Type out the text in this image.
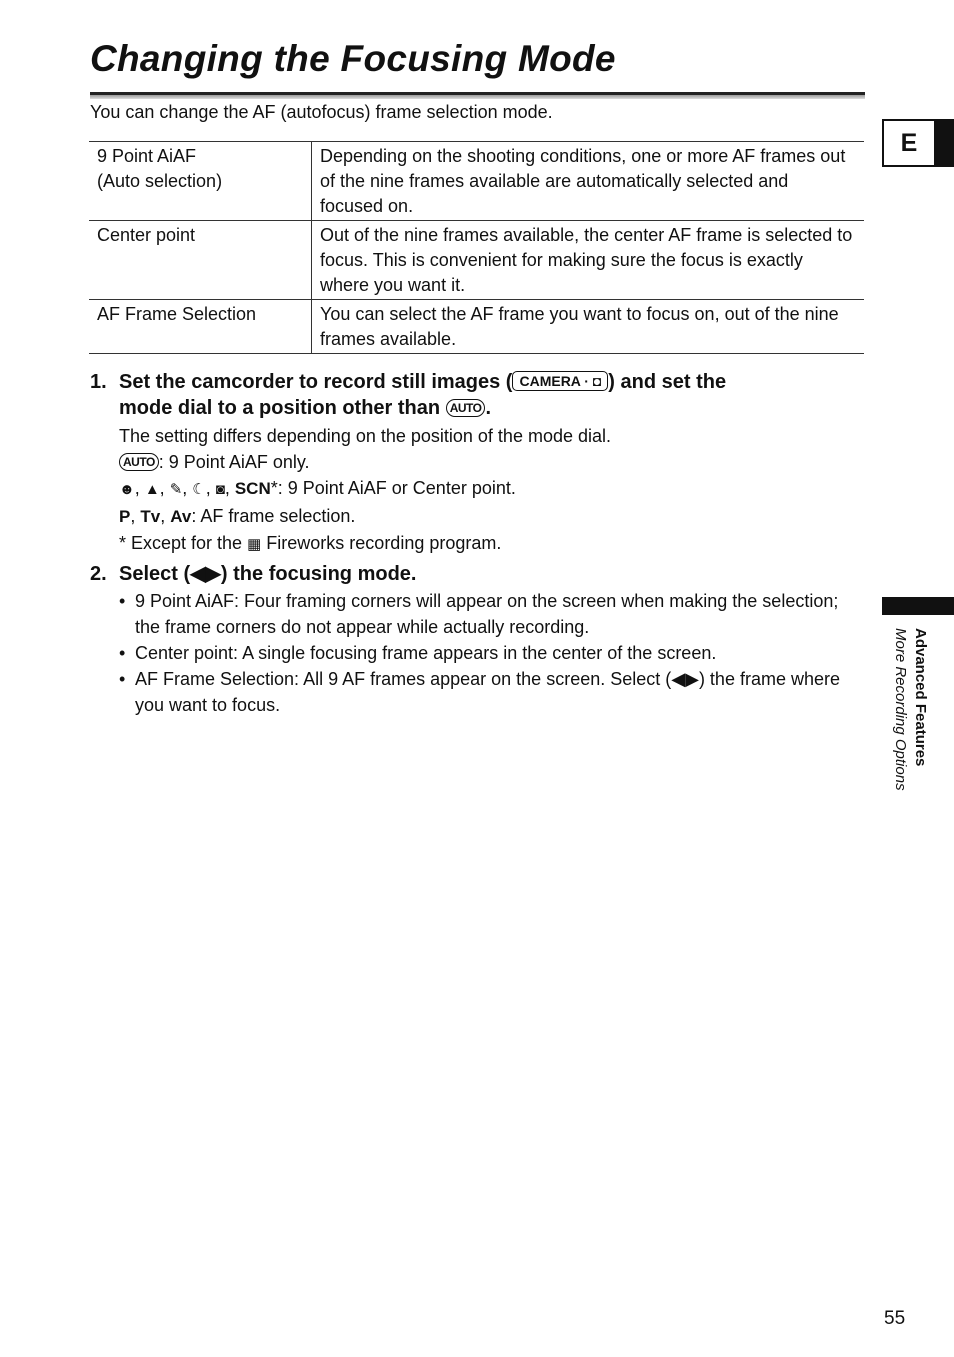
Changing the Focusing Mode
You can change the AF (autofocus) frame selection mode.
9 Point AiAF
(Auto selection)	Depending on the shooting conditions, one or more AF frames out of the nine frames available are automatically selected and focused on.

Center point	Out of the nine frames available, the center AF frame is selected to focus. This is convenient for making sure the focus is exactly where you want it.

AF Frame Selection	You can select the AF frame you want to focus on, out of the nine frames available.
1. Set the camcorder to record still images ( CAMERA · ◘ ) and set the
mode dial to a position other than AUTO .
The setting differs depending on the position of the mode dial.
AUTO : 9 Point AiAF only.
☻, ▲, ✎, ☾, ◙, SCN*: 9 Point AiAF or Center point.
P, Tv, Av: AF frame selection.
* Except for the ▦ Fireworks recording program.
2. Select (◀▶) the focusing mode.
• 9 Point AiAF: Four framing corners will appear on the screen when making the selection; the frame corners do not appear while actually recording.
• Center point: A single focusing frame appears in the center of the screen.
• AF Frame Selection: All 9 AF frames appear on the screen. Select (◀▶) the frame where you want to focus.
E
Advanced Features
More Recording Options
55
